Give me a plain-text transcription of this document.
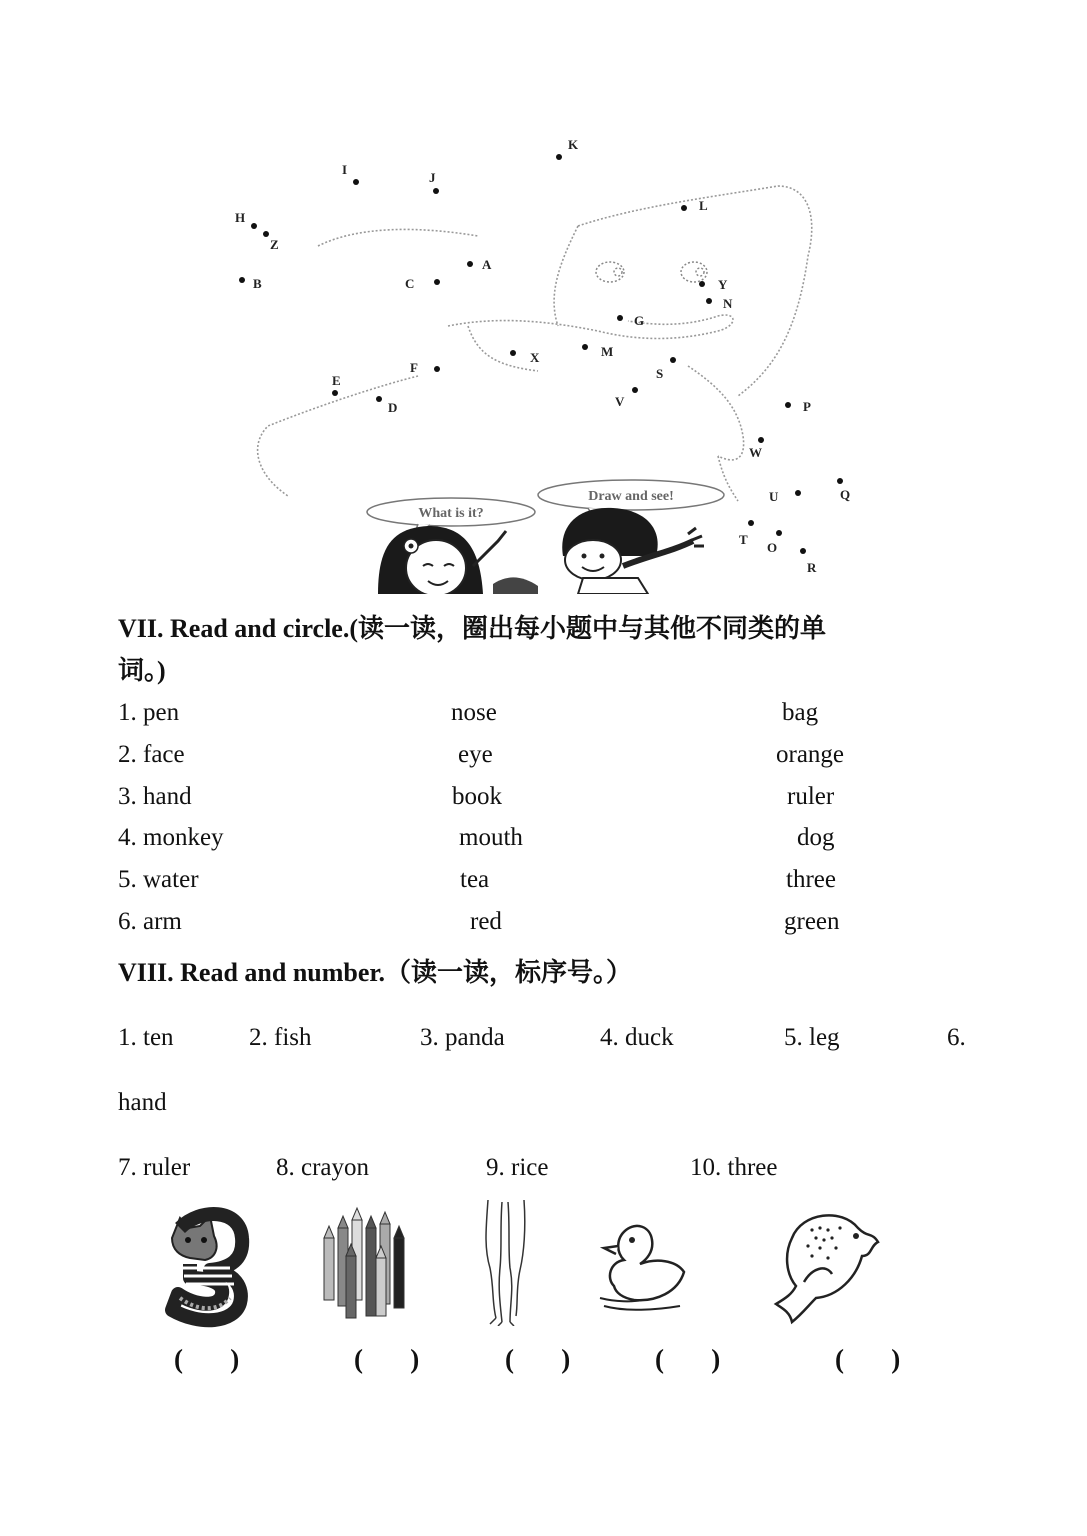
A
B	C
D
E
F
G
H
I
J
K
L
M
N
O
P
Q
R
S
T
U
V
W
X
Y
Z
What is it?
Draw and see!
VII. Read and circle.(读一读，圈出每小题中与其他不同类的单
词。)
1. pen	nose	bag
2. face	eye	orange
3. hand	book	ruler
4. monkey	mouth	dog
5. water	tea	three
6. arm	red	green
VIII. Read and number.（读一读，标序号。）
1. ten	2. fish	3. panda	4. duck	5. leg	6.
hand
7. ruler	8. crayon	9. rice	10. three
(       )	(       )	(       )	(       )	(       )
